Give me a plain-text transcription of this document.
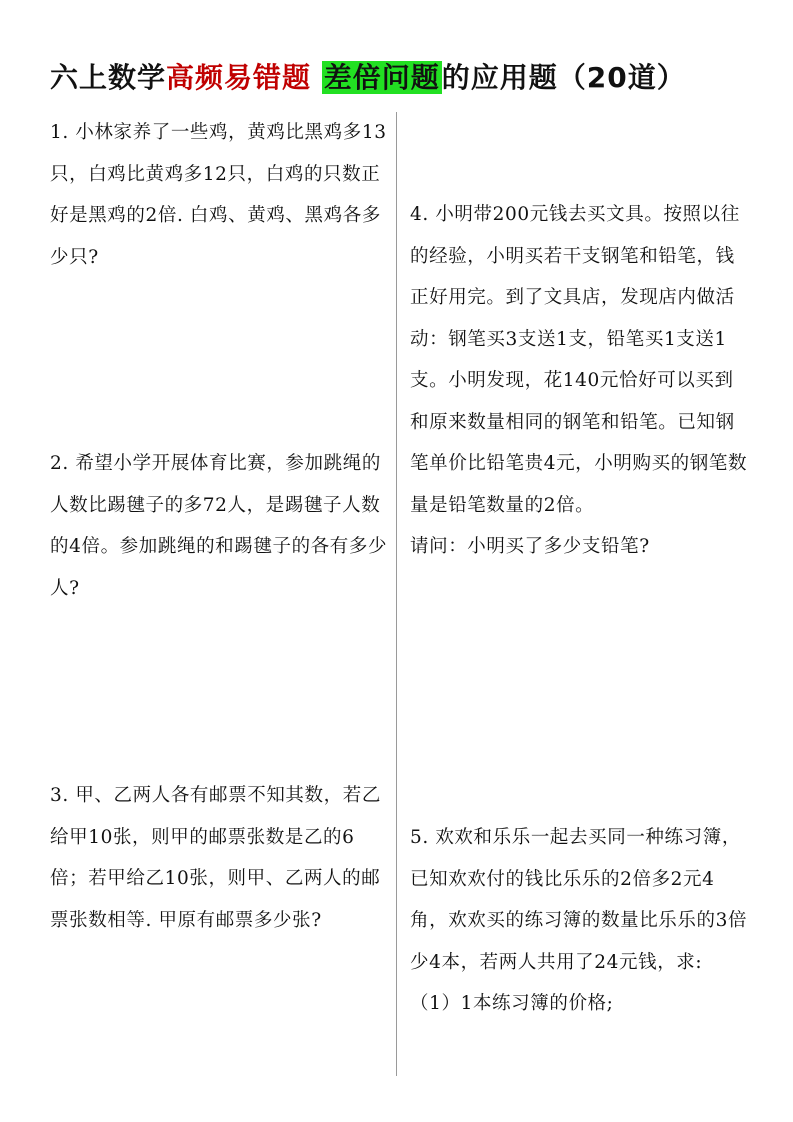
六上数学高频易错题 差倍问题的应用题（20道）

1. 小林家养了一些鸡，黄鸡比黑鸡多13只，白鸡比黄鸡多12只，白鸡的只数正好是黑鸡的2倍. 白鸡、黄鸡、黑鸡各多少只?

2. 希望小学开展体育比赛，参加跳绳的人数比踢毽子的多72人，是踢毽子人数的4倍。参加跳绳的和踢毽子的各有多少人?

3. 甲、乙两人各有邮票不知其数，若乙给甲10张，则甲的邮票张数是乙的6倍；若甲给乙10张，则甲、乙两人的邮票张数相等. 甲原有邮票多少张?

4. 小明带200元钱去买文具。按照以往的经验，小明买若干支钢笔和铅笔，钱正好用完。到了文具店，发现店内做活动：钢笔买3支送1支，铅笔买1支送1支。小明发现，花140元恰好可以买到和原来数量相同的钢笔和铅笔。已知钢笔单价比铅笔贵4元，小明购买的钢笔数量是铅笔数量的2倍。

请问：小明买了多少支铅笔?

5. 欢欢和乐乐一起去买同一种练习簿，已知欢欢付的钱比乐乐的2倍多2元4角，欢欢买的练习簿的数量比乐乐的3倍少4本，若两人共用了24元钱，求:

（1）1本练习簿的价格;
